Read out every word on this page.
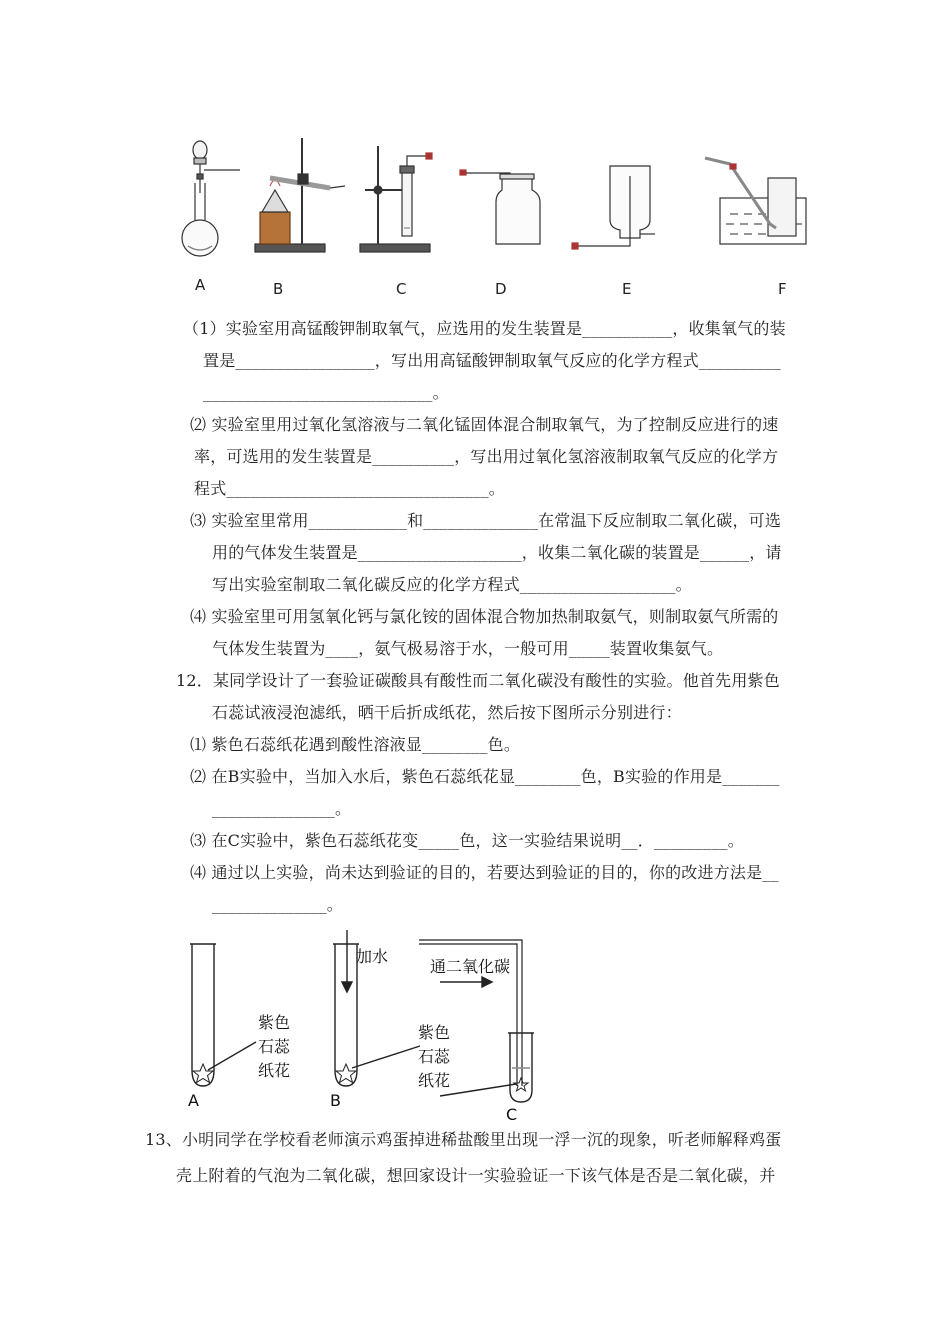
A	B	C	D	E	F
（1）实验室用高锰酸钾制取氧气，应选用的发生装置是___________，收集氧气的装
置是_________________，写出用高锰酸钾制取氧气反应的化学方程式__________
____________________________。
⑵ 实验室里用过氧化氢溶液与二氧化锰固体混合制取氧气，为了控制反应进行的速
率，可选用的发生装置是__________，写出用过氧化氢溶液制取氧气反应的化学方
程式________________________________。
⑶ 实验室里常用____________和______________在常温下反应制取二氧化碳，可选
用的气体发生装置是____________________，收集二氧化碳的装置是______，请
写出实验室制取二氧化碳反应的化学方程式___________________。
⑷ 实验室里可用氢氧化钙与氯化铵的固体混合物加热制取氨气，则制取氨气所需的
气体发生装置为____，氨气极易溶于水，一般可用_____装置收集氨气。
12．某同学设计了一套验证碳酸具有酸性而二氧化碳没有酸性的实验。他首先用紫色
石蕊试液浸泡滤纸，晒干后折成纸花，然后按下图所示分别进行：
⑴ 紫色石蕊纸花遇到酸性溶液显________色。
⑵ 在B实验中，当加入水后，紫色石蕊纸花显________色，B实验的作用是_______
_______________。
⑶ 在C实验中，紫色石蕊纸花变_____色，这一实验结果说明__．_________。
⑷ 通过以上实验，尚未达到验证的目的，若要达到验证的目的，你的改进方法是__
______________。
A	B
C
紫色
石蕊
纸花
紫色
石蕊
纸花
加水
通二氧化碳
13、小明同学在学校看老师演示鸡蛋掉进稀盐酸里出现一浮一沉的现象，听老师解释鸡蛋
壳上附着的气泡为二氧化碳，想回家设计一实验验证一下该气体是否是二氧化碳，并
